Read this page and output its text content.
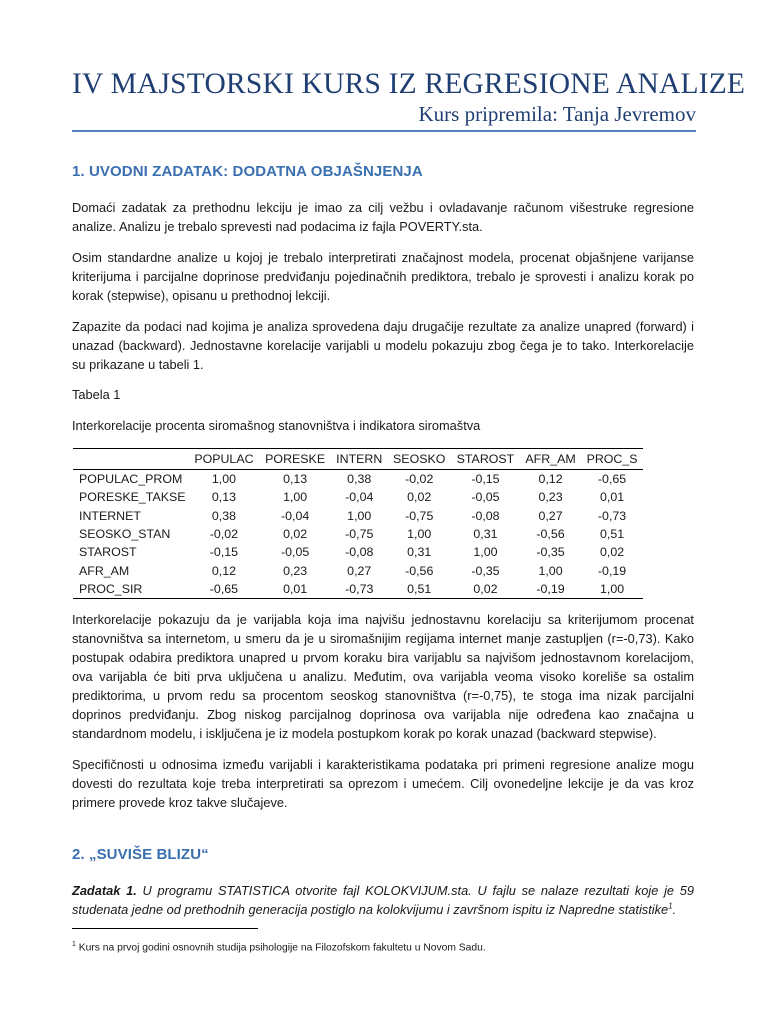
IV MAJSTORSKI KURS IZ REGRESIONE ANALIZE
Kurs pripremila: Tanja Jevremov
1. UVODNI ZADATAK: DODATNA OBJAŠNJENJA

Domaći zadatak za prethodnu lekciju je imao za cilj vežbu i ovladavanje računom višestruke regresione analize. Analizu je trebalo sprevesti nad podacima iz fajla POVERTY.sta.

Osim standardne analize u kojoj je trebalo interpretirati značajnost modela, procenat objašnjene varijanse kriterijuma i parcijalne doprinose predviđanju pojedinačnih prediktora, trebalo je sprovesti i analizu korak po korak (stepwise), opisanu u prethodnoj lekciji.

Zapazite da podaci nad kojima je analiza sprovedena daju drugačije rezultate za analize unapred (forward) i unazad (backward). Jednostavne korelacije varijabli u modelu pokazuju zbog čega je to tako. Interkorelacije su prikazane u tabeli 1.

Tabela 1
Interkorelacije procenta siromašnog stanovništva i indikatora siromaštva
	POPULAC	PORESKE	INTERN	SEOSKO	STAROST	AFR_AM	PROC_S
POPULAC_PROM	1,00	0,13	0,38	-0,02	-0,15	0,12	-0,65
PORESKE_TAKSE	0,13	1,00	-0,04	0,02	-0,05	0,23	0,01
INTERNET	0,38	-0,04	1,00	-0,75	-0,08	0,27	-0,73
SEOSKO_STAN	-0,02	0,02	-0,75	1,00	0,31	-0,56	0,51
STAROST	-0,15	-0,05	-0,08	0,31	1,00	-0,35	0,02
AFR_AM	0,12	0,23	0,27	-0,56	-0,35	1,00	-0,19
PROC_SIR	-0,65	0,01	-0,73	0,51	0,02	-0,19	1,00

Interkorelacije pokazuju da je varijabla koja ima najvišu jednostavnu korelaciju sa kriterijumom procenat stanovništva sa internetom, u smeru da je u siromašnijim regijama internet manje zastupljen (r=-0,73). Kako postupak odabira prediktora unapred u prvom koraku bira varijablu sa najvišom jednostavnom korelacijom, ova varijabla će biti prva uključena u analizu. Međutim, ova varijabla veoma visoko koreliše sa ostalim prediktorima, u prvom redu sa procentom seoskog stanovništva (r=-0,75), te stoga ima nizak parcijalni doprinos predviđanju. Zbog niskog parcijalnog doprinosa ova varijabla nije određena kao značajna u standardnom modelu, i isključena je iz modela postupkom korak po korak unazad (backward stepwise).

Specifičnosti u odnosima između varijabli i karakteristikama podataka pri primeni regresione analize mogu dovesti do rezultata koje treba interpretirati sa oprezom i umećem. Cilj ovonedeljne lekcije je da vas kroz primere provede kroz takve slučajeve.

2. „SUVIŠE BLIZU“

Zadatak 1. U programu STATISTICA otvorite fajl KOLOKVIJUM.sta. U fajlu se nalaze rezultati koje je 59 studenata jedne od prethodnih generacija postiglo na kolokvijumu i završnom ispitu iz Napredne statistike$^1$.

$^1$ Kurs na prvoj godini osnovnih studija psihologije na Filozofskom fakultetu u Novom Sadu.
